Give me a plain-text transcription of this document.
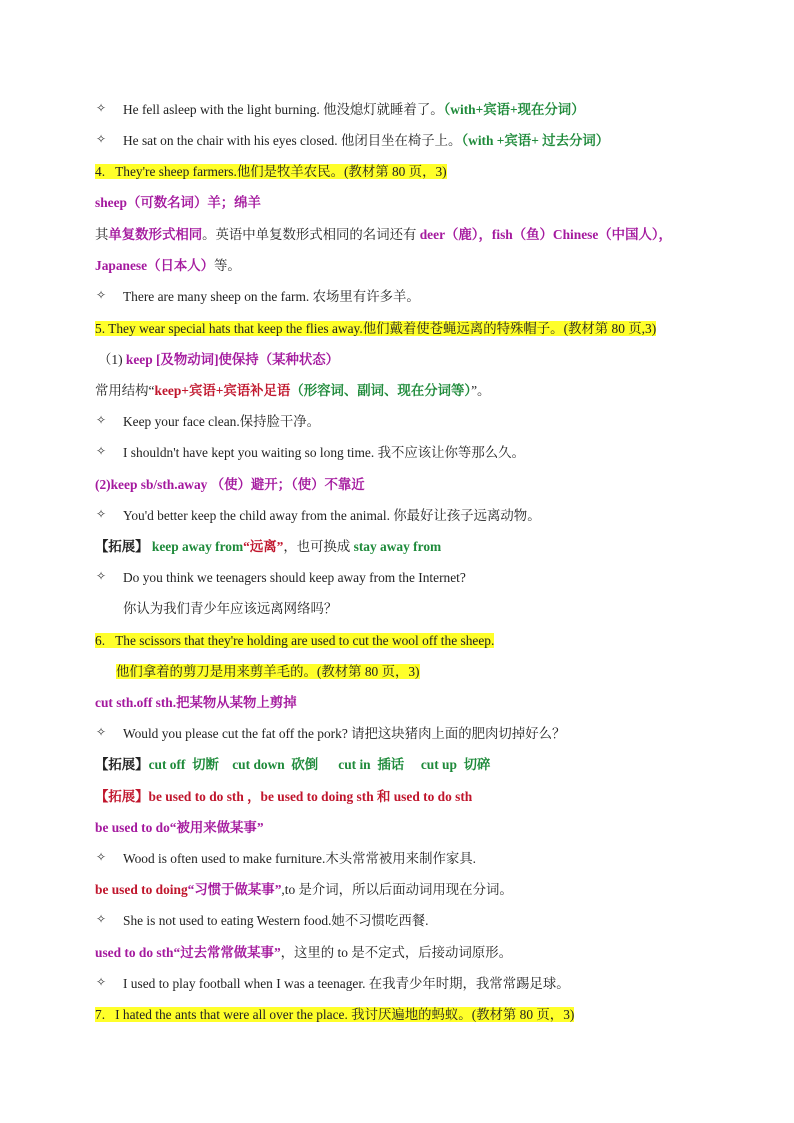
✧ He fell asleep with the light burning. 他没熄灯就睡着了。（with+宾语+现在分词）
✧ He sat on the chair with his eyes closed. 他闭目坐在椅子上。（with +宾语+ 过去分词）
4. They're sheep farmers.他们是牧羊农民。(教材第 80 页，3)
sheep（可数名词）羊；绵羊
其单复数形式相同。英语中单复数形式相同的名词还有 deer（鹿），fish（鱼）Chinese（中国人），
Japanese（日本人）等。
✧ There are many sheep on the farm. 农场里有许多羊。
5. They wear special hats that keep the flies away.他们戴着使苍蝇远离的特殊帽子。(教材第 80 页,3)
（1) keep [及物动词]使保持（某种状态）
常用结构“keep+宾语+宾语补足语（形容词、副词、现在分词等）”。
✧ Keep your face clean.保持脸干净。
✧ I shouldn't have kept you waiting so long time. 我不应该让你等那么久。
(2)keep sb/sth.away （使）避开；（使）不靠近
✧ You'd better keep the child away from the animal. 你最好让孩子远离动物。
【拓展】 keep away from“远离”，也可换成 stay away from
✧ Do you think we teenagers should keep away from the Internet?
你认为我们青少年应该远离网络吗？
6. The scissors that they're holding are used to cut the wool off the sheep.
他们拿着的剪刀是用来剪羊毛的。(教材第 80 页，3)
cut sth.off sth.把某物从某物上剪掉
✧ Would you please cut the fat off the pork? 请把这块猪肉上面的肥肉切掉好么？
【拓展】cut off  切断    cut down  砍倒      cut in  插话     cut up  切碎
【拓展】be used to do sth ，be used to doing sth 和 used to do sth
be used to do“被用来做某事”
✧ Wood is often used to make furniture.木头常常被用来制作家具.
be used to doing“习惯于做某事”,to 是介词，所以后面动词用现在分词。
✧ She is not used to eating Western food.她不习惯吃西餐.
used to do sth“过去常常做某事”，这里的 to 是不定式，后接动词原形。
✧ I used to play football when I was a teenager. 在我青少年时期，我常常踢足球。
7. I hated the ants that were all over the place. 我讨厌遍地的蚂蚁。(教材第 80 页，3)
